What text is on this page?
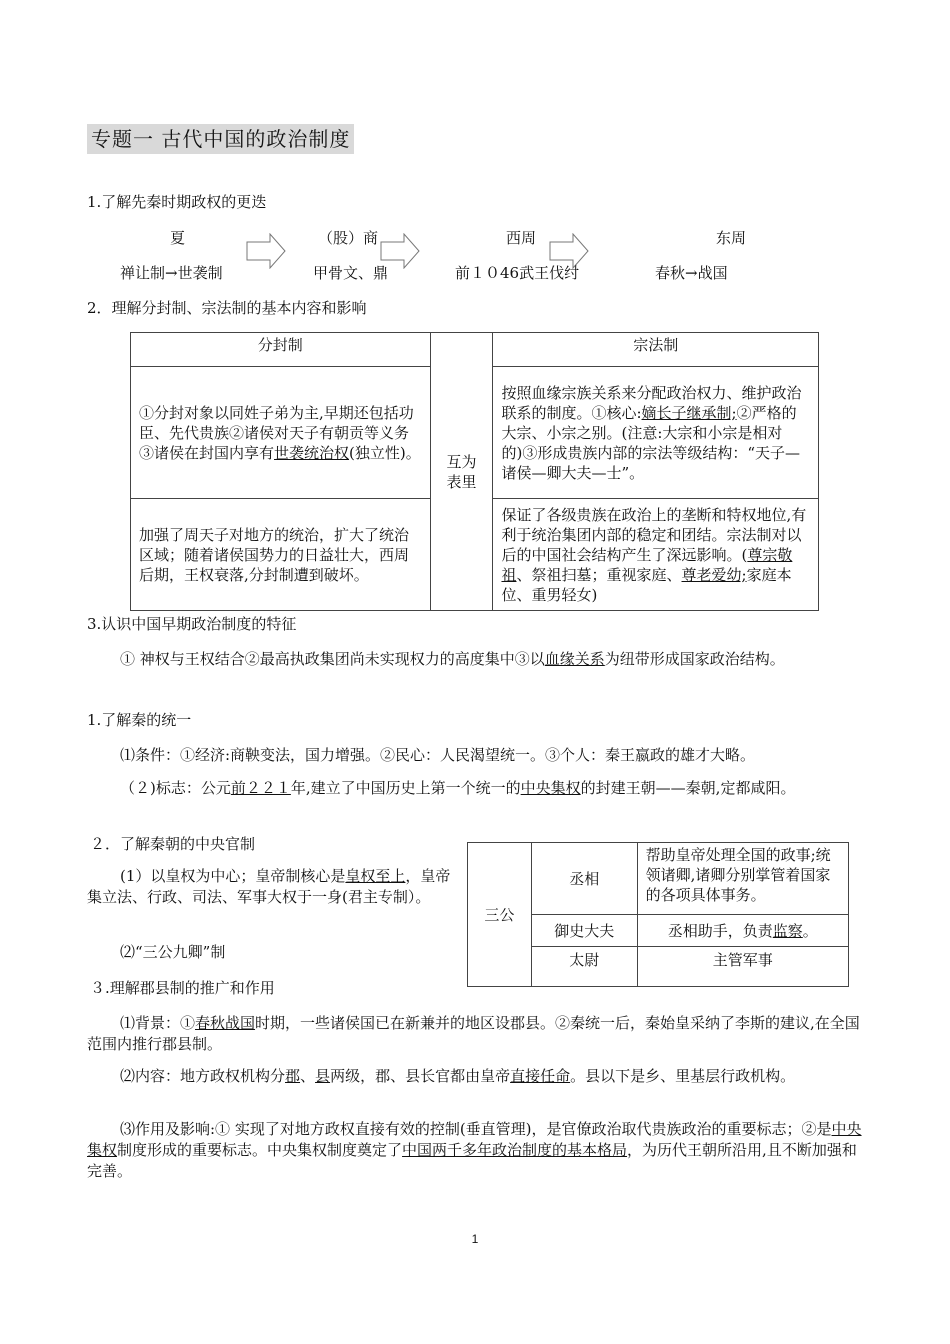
专题一 古代中国的政治制度
1.了解先秦时期政权的更迭
夏	（股）商	西周	东周
禅让制→世袭制	甲骨文、鼎	前１０46武王伐纣	春秋→战国
2．理解分封制、宗法制的基本内容和影响
分封制	互为表里	宗法制
①分封对象以同姓子弟为主,早期还包括功臣、先代贵族②诸侯对天子有朝贡等义务③诸侯在封国内享有世袭统治权(独立性)。		按照血缘宗族关系来分配政治权力、维护政治联系的制度。①核心:嫡长子继承制;②严格的大宗、小宗之别。(注意:大宗和小宗是相对的)③形成贵族内部的宗法等级结构：“天子—诸侯—卿大夫—士”。
加强了周天子对地方的统治，扩大了统治区域；随着诸侯国势力的日益壮大，西周后期，王权衰落,分封制遭到破坏。		保证了各级贵族在政治上的垄断和特权地位,有利于统治集团内部的稳定和团结。宗法制对以后的中国社会结构产生了深远影响。(尊宗敬祖、祭祖扫墓；重视家庭、尊老爱幼;家庭本位、重男轻女)
3.认识中国早期政治制度的特征
① 神权与王权结合②最高执政集团尚未实现权力的高度集中③以血缘关系为纽带形成国家政治结构。
1.了解秦的统一
⑴条件：①经济:商鞅变法，国力增强。②民心：人民渴望统一。③个人：秦王嬴政的雄才大略。
（２)标志：公元前２２１年,建立了中国历史上第一个统一的中央集权的封建王朝——秦朝,定都咸阳。
２．了解秦朝的中央官制
(1）以皇权为中心；皇帝制核心是皇权至上，皇帝集立法、行政、司法、军事大权于一身(君主专制）。
⑵“三公九卿”制
三公	丞相	帮助皇帝处理全国的政事;统领诸卿,诸卿分别掌管着国家的各项具体事务。
	御史大夫	丞相助手，负责监察。
	太尉	主管军事
３.理解郡县制的推广和作用
⑴背景：①春秋战国时期，一些诸侯国已在新兼并的地区设郡县。②秦统一后，秦始皇采纳了李斯的建议,在全国范围内推行郡县制。
⑵内容：地方政权机构分郡、县两级，郡、县长官都由皇帝直接任命。县以下是乡、里基层行政机构。
⑶作用及影响:① 实现了对地方政权直接有效的控制(垂直管理)，是官僚政治取代贵族政治的重要标志；②是中央集权制度形成的重要标志。中央集权制度奠定了中国两千多年政治制度的基本格局，为历代王朝所沿用,且不断加强和完善。
1
